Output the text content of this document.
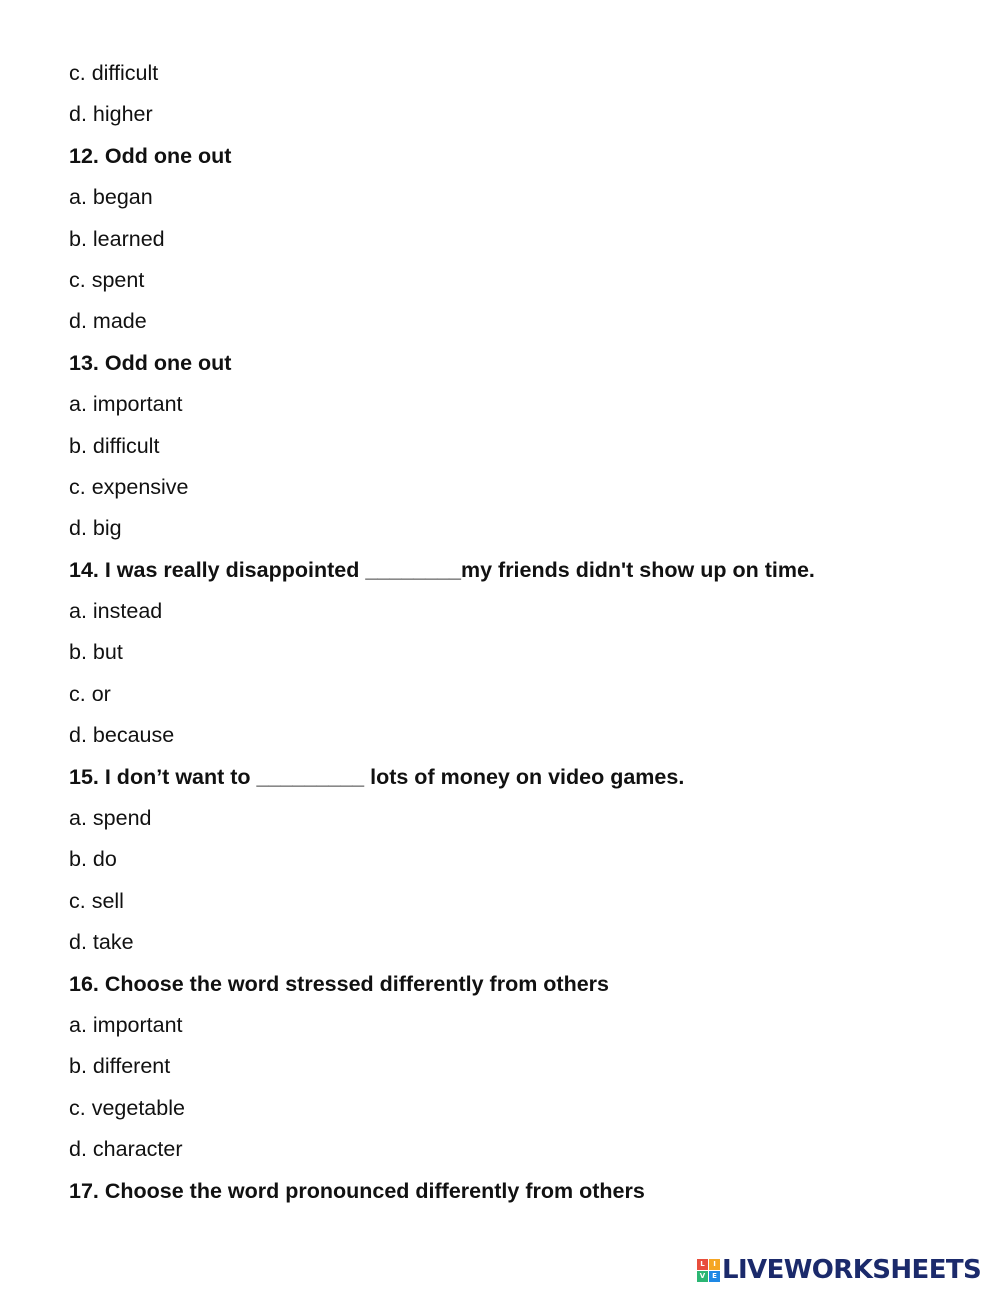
c. difficult
d. higher
12. Odd one out
a. began
b. learned
c. spent
d. made
13. Odd one out
a. important
b. difficult
c. expensive
d. big
14. I was really disappointed ________my friends didn't show up on time.
a. instead
b. but
c. or
d. because
15. I don’t want to _________ lots of money on video games.
a. spend
b. do
c. sell
d. take
16. Choose the word stressed differently from others
a. important
b. different
c. vegetable
d. character
17. Choose the word pronounced differently from others
L	I
V E LIVEWORKSHEETS
